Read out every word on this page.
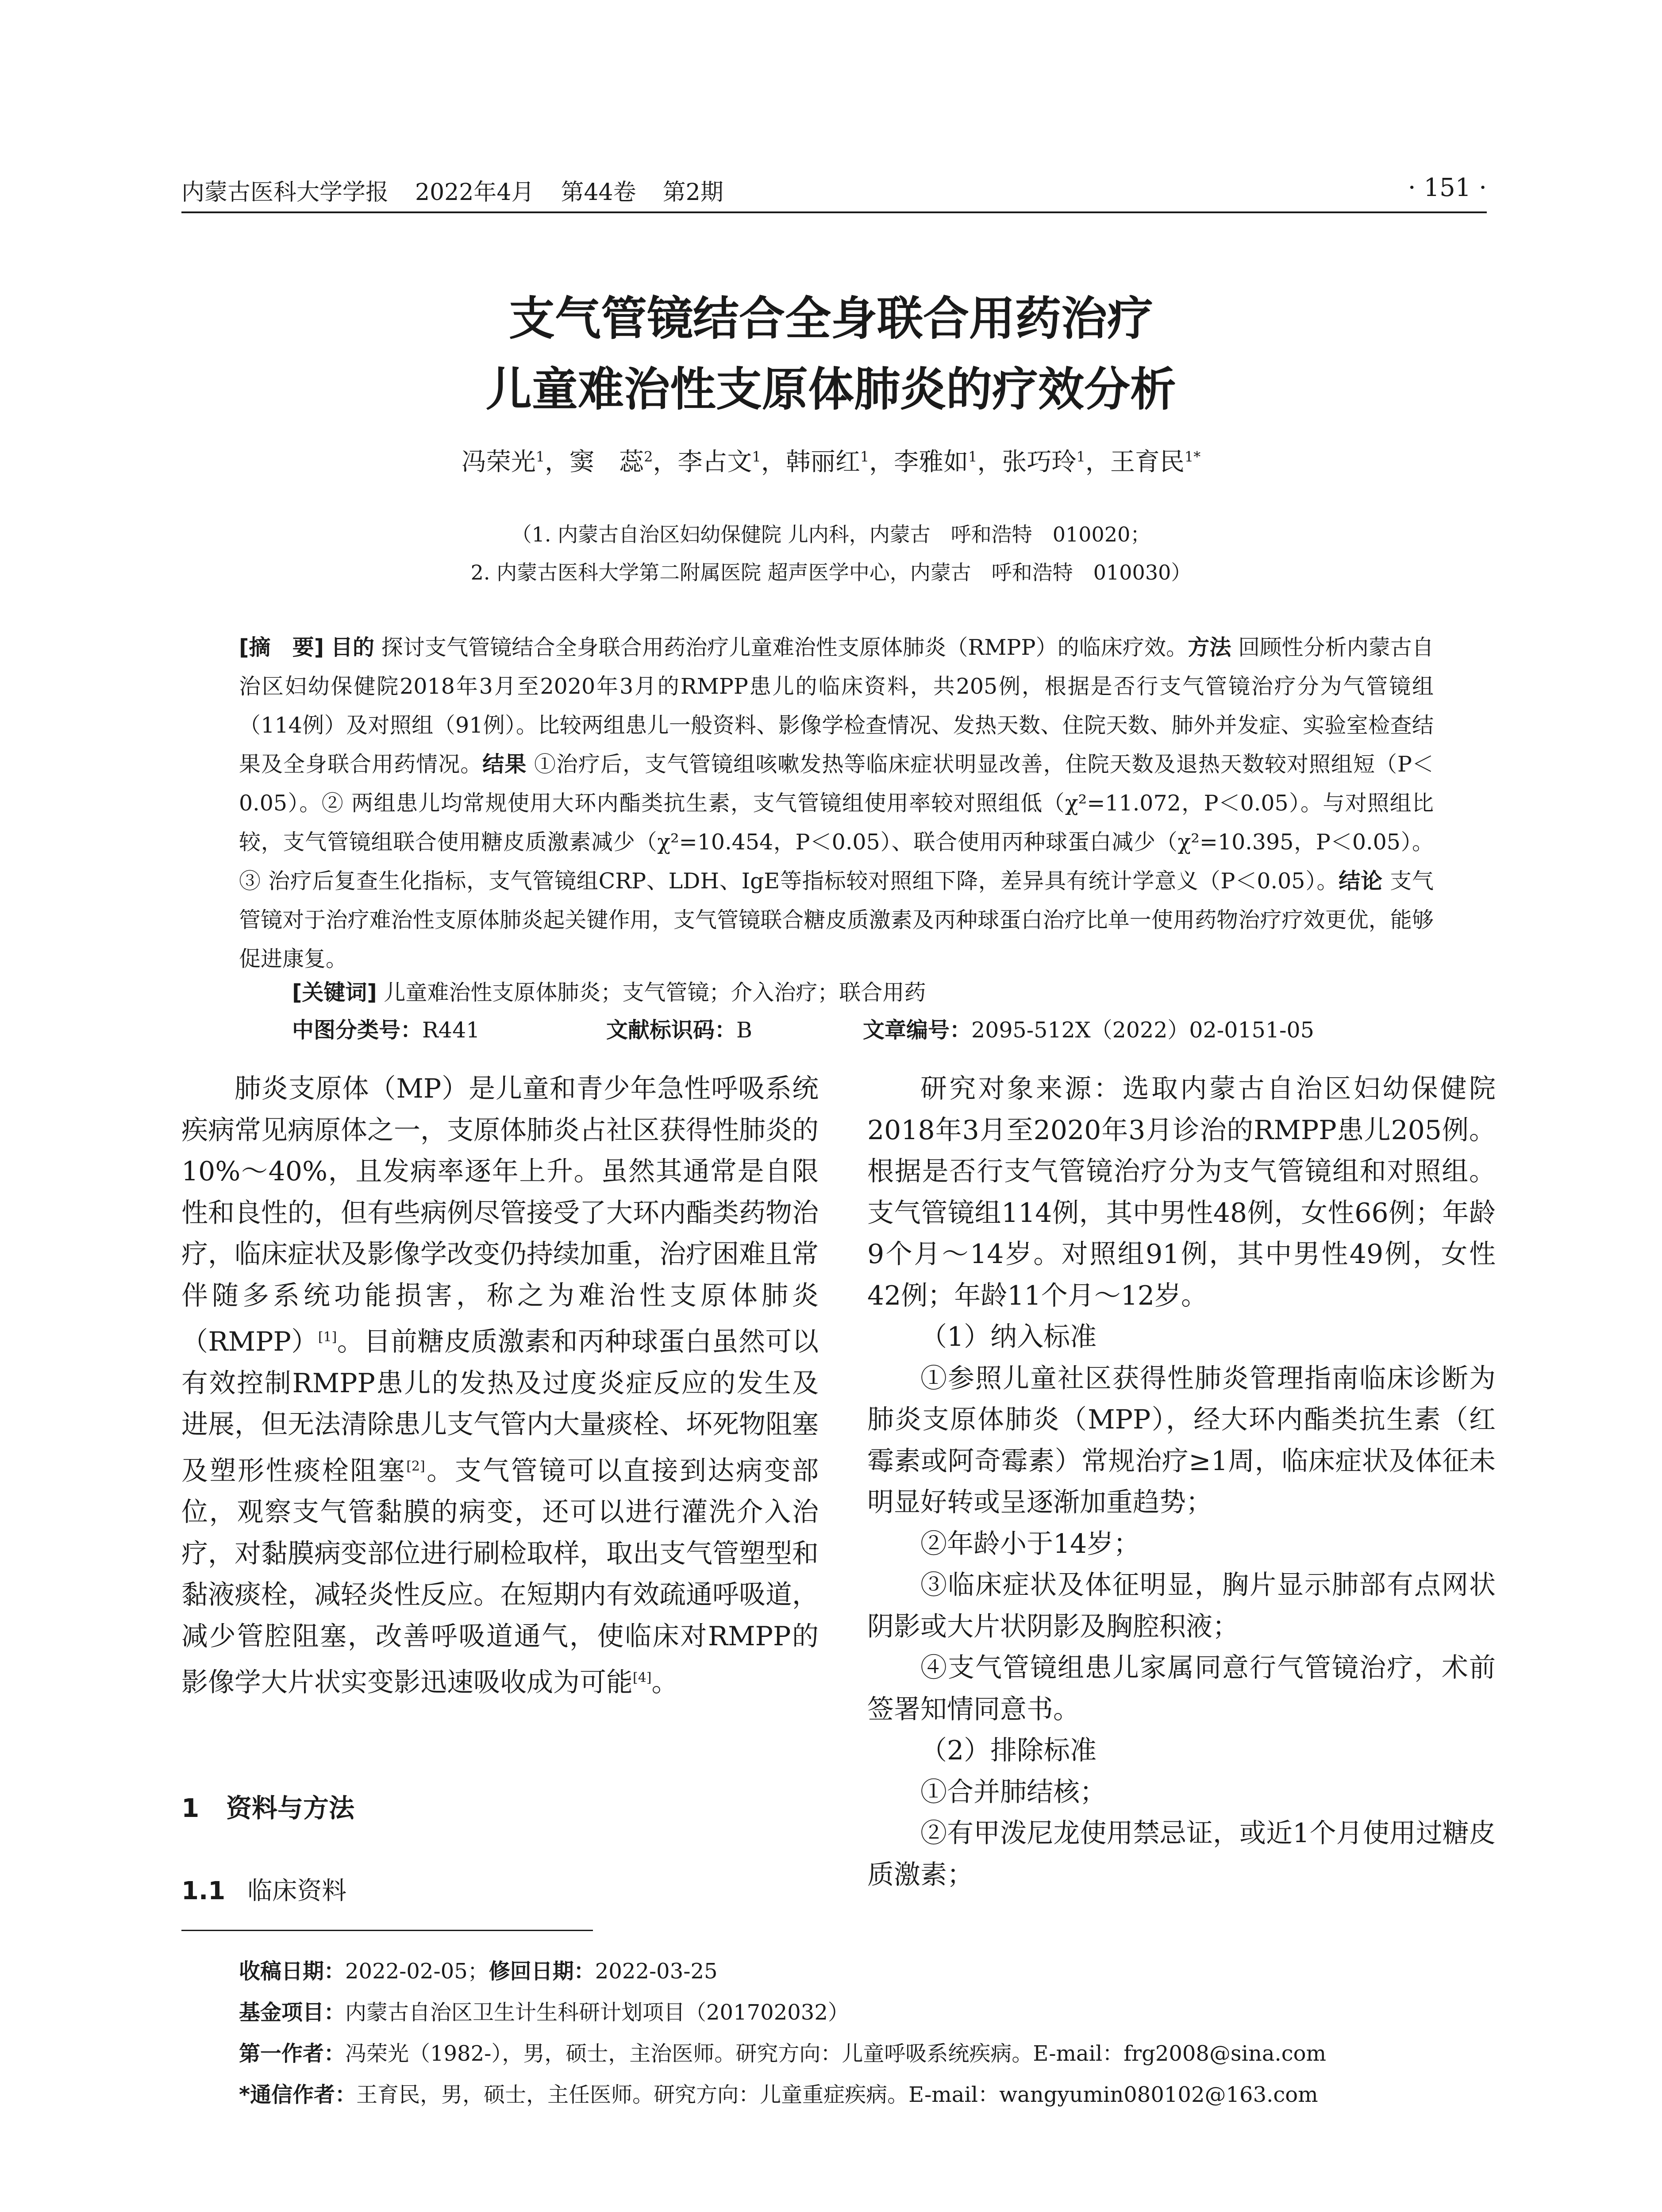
内蒙古医科大学学报 2022年4月 第44卷 第2期	· 151 ·
支气管镜结合全身联合用药治疗
儿童难治性支原体肺炎的疗效分析
冯荣光$^1$，窦　蕊$^2$，李占文$^1$，韩丽红$^1$，李雅如$^1$，张巧玲$^1$，王育民$^{1*}$
（1. 内蒙古自治区妇幼保健院 儿内科，内蒙古　呼和浩特　010020；
2. 内蒙古医科大学第二附属医院 超声医学中心，内蒙古　呼和浩特　010030）
[摘　要] 目的 探讨支气管镜结合全身联合用药治疗儿童难治性支原体肺炎（RMPP）的临床疗效。方法 回顾性分析内蒙古自治区妇幼保健院2018年3月至2020年3月的RMPP患儿的临床资料，共205例，根据是否行支气管镜治疗分为气管镜组（114例）及对照组（91例）。比较两组患儿一般资料、影像学检查情况、发热天数、住院天数、肺外并发症、实验室检查结果及全身联合用药情况。结果 ①治疗后，支气管镜组咳嗽发热等临床症状明显改善，住院天数及退热天数较对照组短（P＜0.05）。② 两组患儿均常规使用大环内酯类抗生素，支气管镜组使用率较对照组低（χ²=11.072，P＜0.05）。与对照组比较，支气管镜组联合使用糖皮质激素减少（χ²=10.454，P＜0.05）、联合使用丙种球蛋白减少（χ²=10.395，P＜0.05）。③ 治疗后复查生化指标，支气管镜组CRP、LDH、IgE等指标较对照组下降，差异具有统计学意义（P＜0.05）。结论 支气管镜对于治疗难治性支原体肺炎起关键作用，支气管镜联合糖皮质激素及丙种球蛋白治疗比单一使用药物治疗疗效更优，能够促进康复。
[关键词] 儿童难治性支原体肺炎；支气管镜；介入治疗；联合用药
中图分类号：R441	文献标识码：B	文章编号：2095-512X（2022）02-0151-05

肺炎支原体（MP）是儿童和青少年急性呼吸系统疾病常见病原体之一，支原体肺炎占社区获得性肺炎的10%～40%，且发病率逐年上升。虽然其通常是自限性和良性的，但有些病例尽管接受了大环内酯类药物治疗，临床症状及影像学改变仍持续加重，治疗困难且常伴随多系统功能损害，称之为难治性支原体肺炎（RMPP）[1]。目前糖皮质激素和丙种球蛋白虽然可以有效控制RMPP患儿的发热及过度炎症反应的发生及进展，但无法清除患儿支气管内大量痰栓、坏死物阻塞及塑形性痰栓阻塞[2]。支气管镜可以直接到达病变部位，观察支气管黏膜的病变，还可以进行灌洗介入治疗，对黏膜病变部位进行刷检取样，取出支气管塑型和黏液痰栓，减轻炎性反应。在短期内有效疏通呼吸道，减少管腔阻塞，改善呼吸道通气，使临床对RMPP的影像学大片状实变影迅速吸收成为可能[4]。

1 资料与方法
1.1 临床资料

研究对象来源：选取内蒙古自治区妇幼保健院2018年3月至2020年3月诊治的RMPP患儿205例。根据是否行支气管镜治疗分为支气管镜组和对照组。支气管镜组114例，其中男性48例，女性66例；年龄9个月～14岁。对照组91例，其中男性49例，女性42例；年龄11个月～12岁。

（1）纳入标准

①参照儿童社区获得性肺炎管理指南临床诊断为肺炎支原体肺炎（MPP），经大环内酯类抗生素（红霉素或阿奇霉素）常规治疗≥1周，临床症状及体征未明显好转或呈逐渐加重趋势；

②年龄小于14岁；

③临床症状及体征明显，胸片显示肺部有点网状阴影或大片状阴影及胸腔积液；

④支气管镜组患儿家属同意行气管镜治疗，术前签署知情同意书。

（2）排除标准

①合并肺结核；

②有甲泼尼龙使用禁忌证，或近1个月使用过糖皮质激素；

收稿日期：2022-02-05；修回日期：2022-03-25
基金项目：内蒙古自治区卫生计生科研计划项目（201702032）
第一作者：冯荣光（1982-），男，硕士，主治医师。研究方向：儿童呼吸系统疾病。E-mail：frg2008@sina.com
*通信作者：王育民，男，硕士，主任医师。研究方向：儿童重症疾病。E-mail：wangyumin080102@163.com
